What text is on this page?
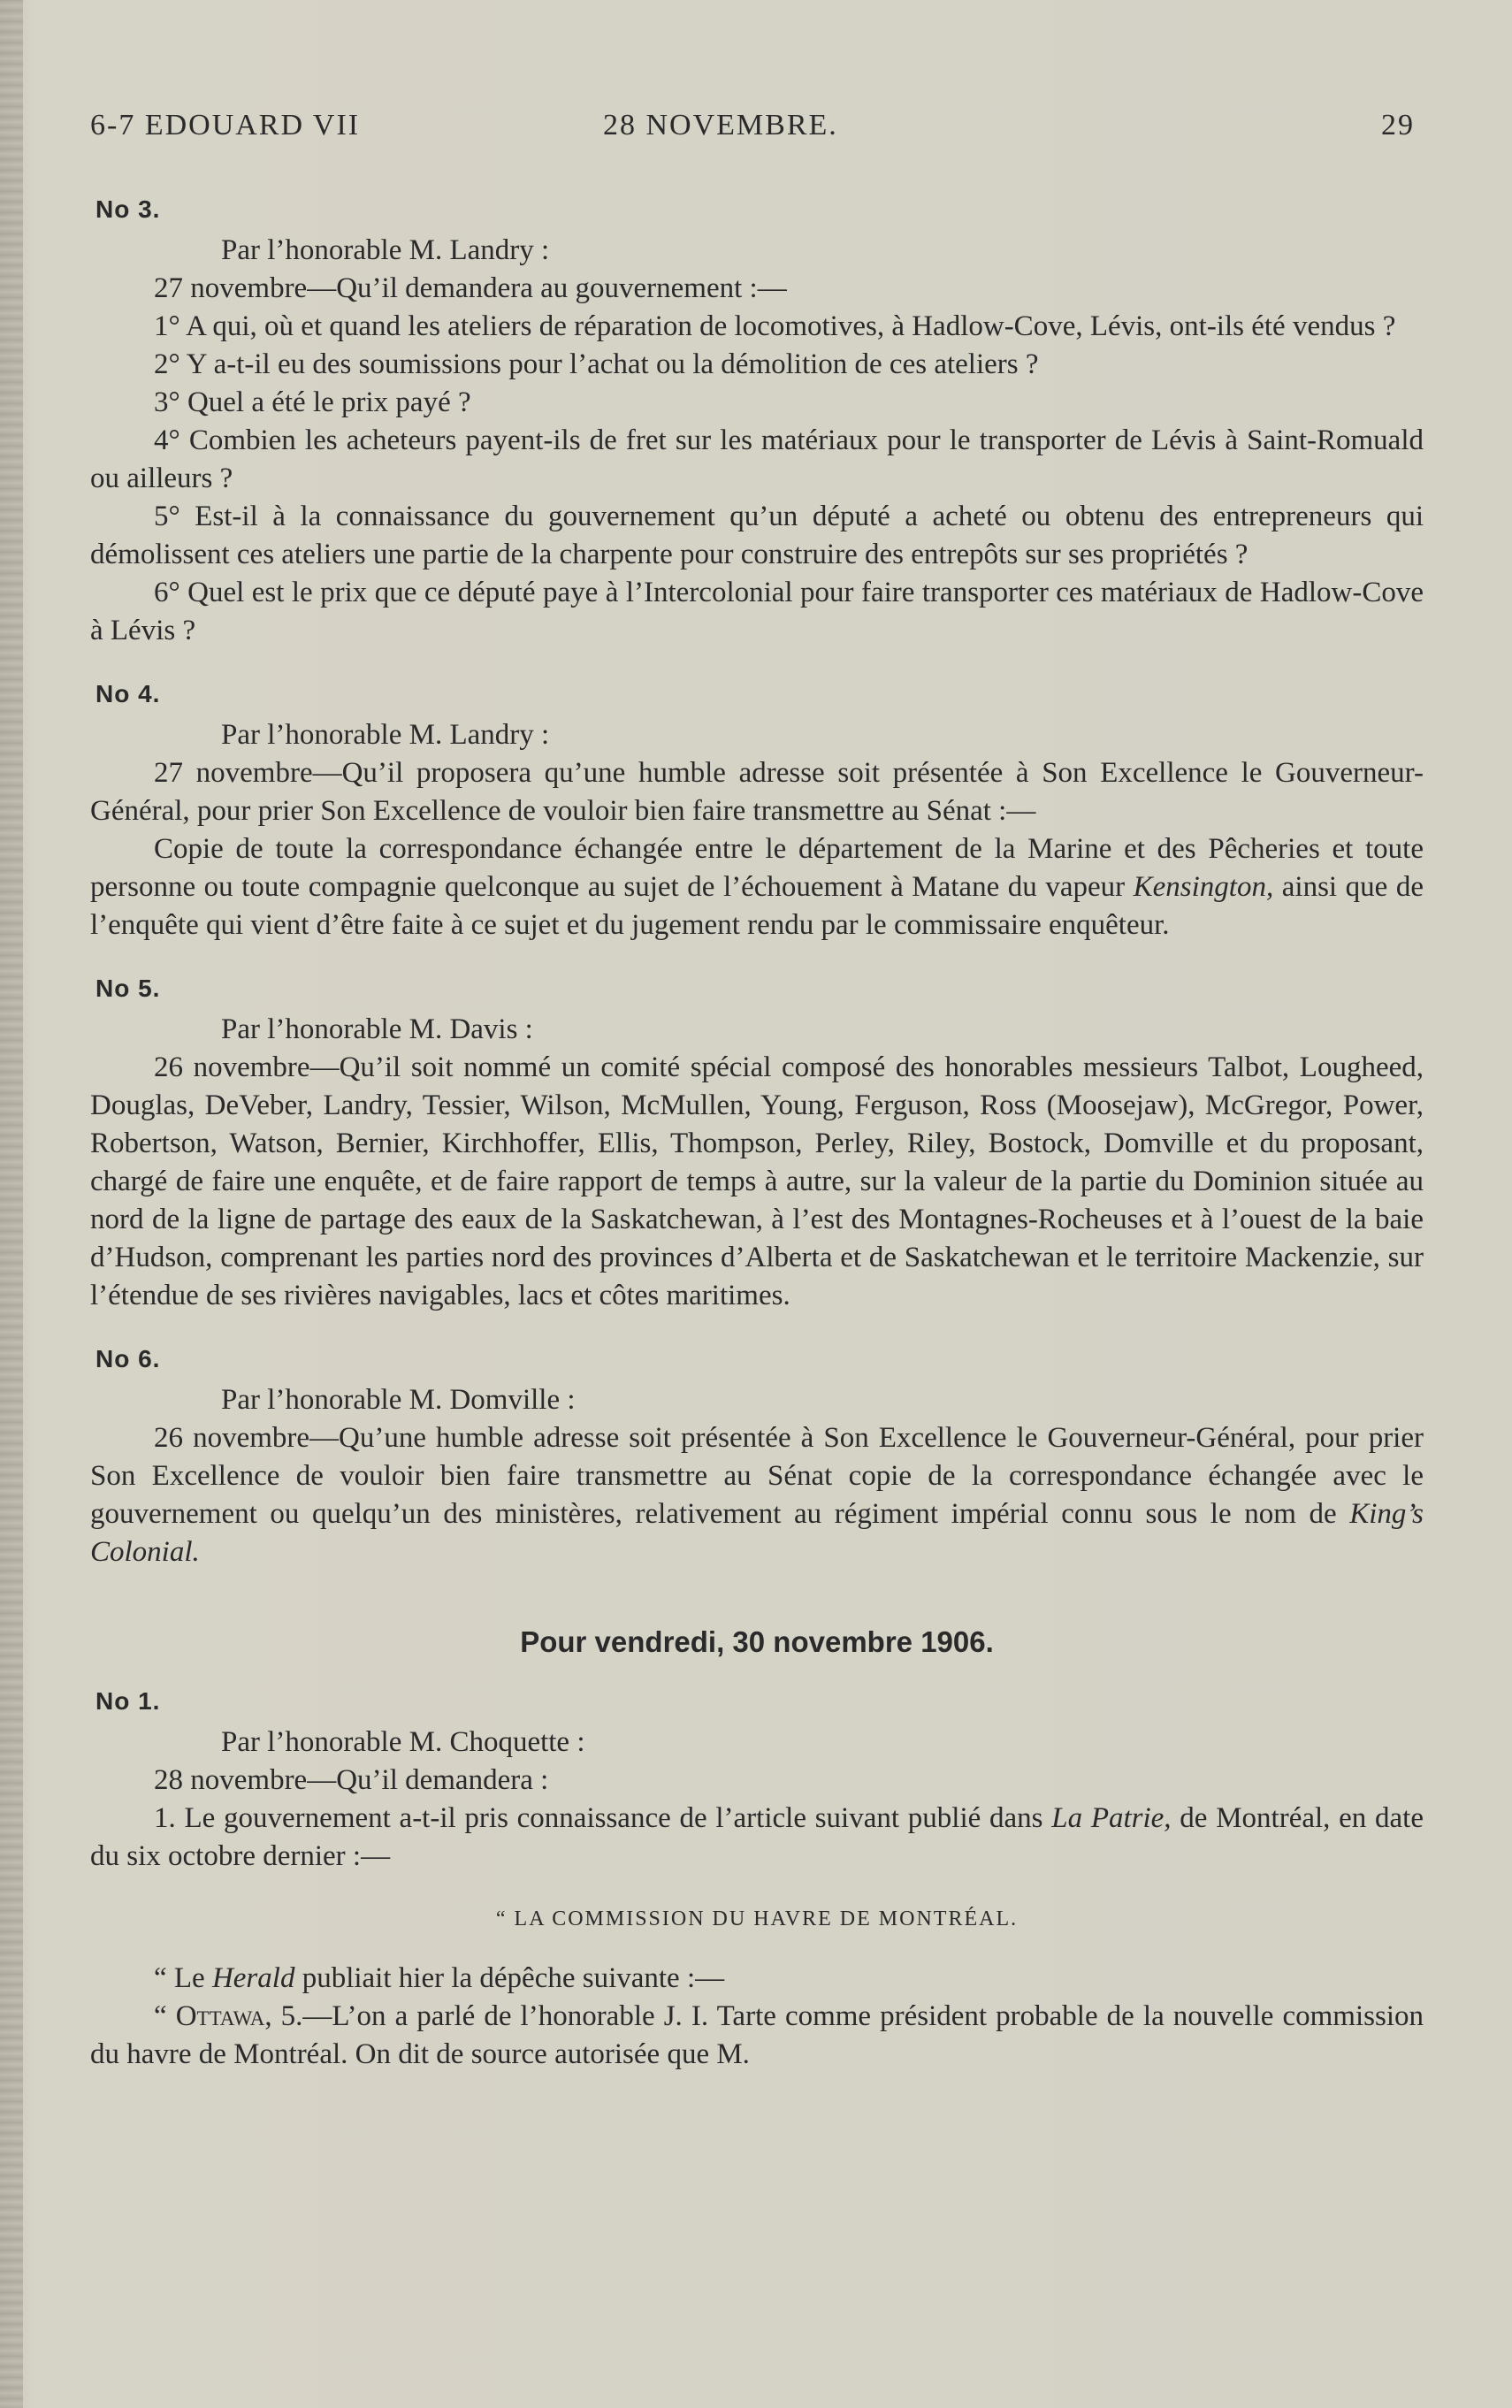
6-7 EDOUARD VII	28 NOVEMBRE.	29
No 3.
Par l’honorable M. Landry :

27 novembre—Qu’il demandera au gouvernement :—

1° A qui, où et quand les ateliers de réparation de locomotives, à Hadlow-Cove, Lévis, ont-ils été vendus ?

2° Y a-t-il eu des soumissions pour l’achat ou la démolition de ces ateliers ?

3° Quel a été le prix payé ?

4° Combien les acheteurs payent-ils de fret sur les matériaux pour le transporter de Lévis à Saint-Romuald ou ailleurs ?

5° Est-il à la connaissance du gouvernement qu’un député a acheté ou obtenu des entrepreneurs qui démolissent ces ateliers une partie de la charpente pour construire des entrepôts sur ses propriétés ?

6° Quel est le prix que ce député paye à l’Intercolonial pour faire transporter ces matériaux de Hadlow-Cove à Lévis ?

No 4.
Par l’honorable M. Landry :

27 novembre—Qu’il proposera qu’une humble adresse soit présentée à Son Excellence le Gouverneur-Général, pour prier Son Excellence de vouloir bien faire transmettre au Sénat :—

Copie de toute la correspondance échangée entre le département de la Marine et des Pêcheries et toute personne ou toute compagnie quelconque au sujet de l’échouement à Matane du vapeur Kensington, ainsi que de l’enquête qui vient d’être faite à ce sujet et du jugement rendu par le commissaire enquêteur.

No 5.
Par l’honorable M. Davis :

26 novembre—Qu’il soit nommé un comité spécial composé des honorables messieurs Talbot, Lougheed, Douglas, DeVeber, Landry, Tessier, Wilson, McMullen, Young, Ferguson, Ross (Moosejaw), McGregor, Power, Robertson, Watson, Bernier, Kirchhoffer, Ellis, Thompson, Perley, Riley, Bostock, Domville et du proposant, chargé de faire une enquête, et de faire rapport de temps à autre, sur la valeur de la partie du Dominion située au nord de la ligne de partage des eaux de la Saskatchewan, à l’est des Montagnes-Rocheuses et à l’ouest de la baie d’Hudson, comprenant les parties nord des provinces d’Alberta et de Saskatchewan et le territoire Mackenzie, sur l’étendue de ses rivières navigables, lacs et côtes maritimes.

No 6.
Par l’honorable M. Domville :

26 novembre—Qu’une humble adresse soit présentée à Son Excellence le Gouverneur-Général, pour prier Son Excellence de vouloir bien faire transmettre au Sénat copie de la correspondance échangée avec le gouvernement ou quelqu’un des ministères, relativement au régiment impérial connu sous le nom de King’s Colonial.

Pour vendredi, 30 novembre 1906.
No 1.
Par l’honorable M. Choquette :

28 novembre—Qu’il demandera :

1. Le gouvernement a-t-il pris connaissance de l’article suivant publié dans La Patrie, de Montréal, en date du six octobre dernier :—

“ LA COMMISSION DU HAVRE DE MONTRÉAL.

“ Le Herald publiait hier la dépêche suivante :—

“ Ottawa, 5.—L’on a parlé de l’honorable J. I. Tarte comme président probable de la nouvelle commission du havre de Montréal. On dit de source autorisée que M.
